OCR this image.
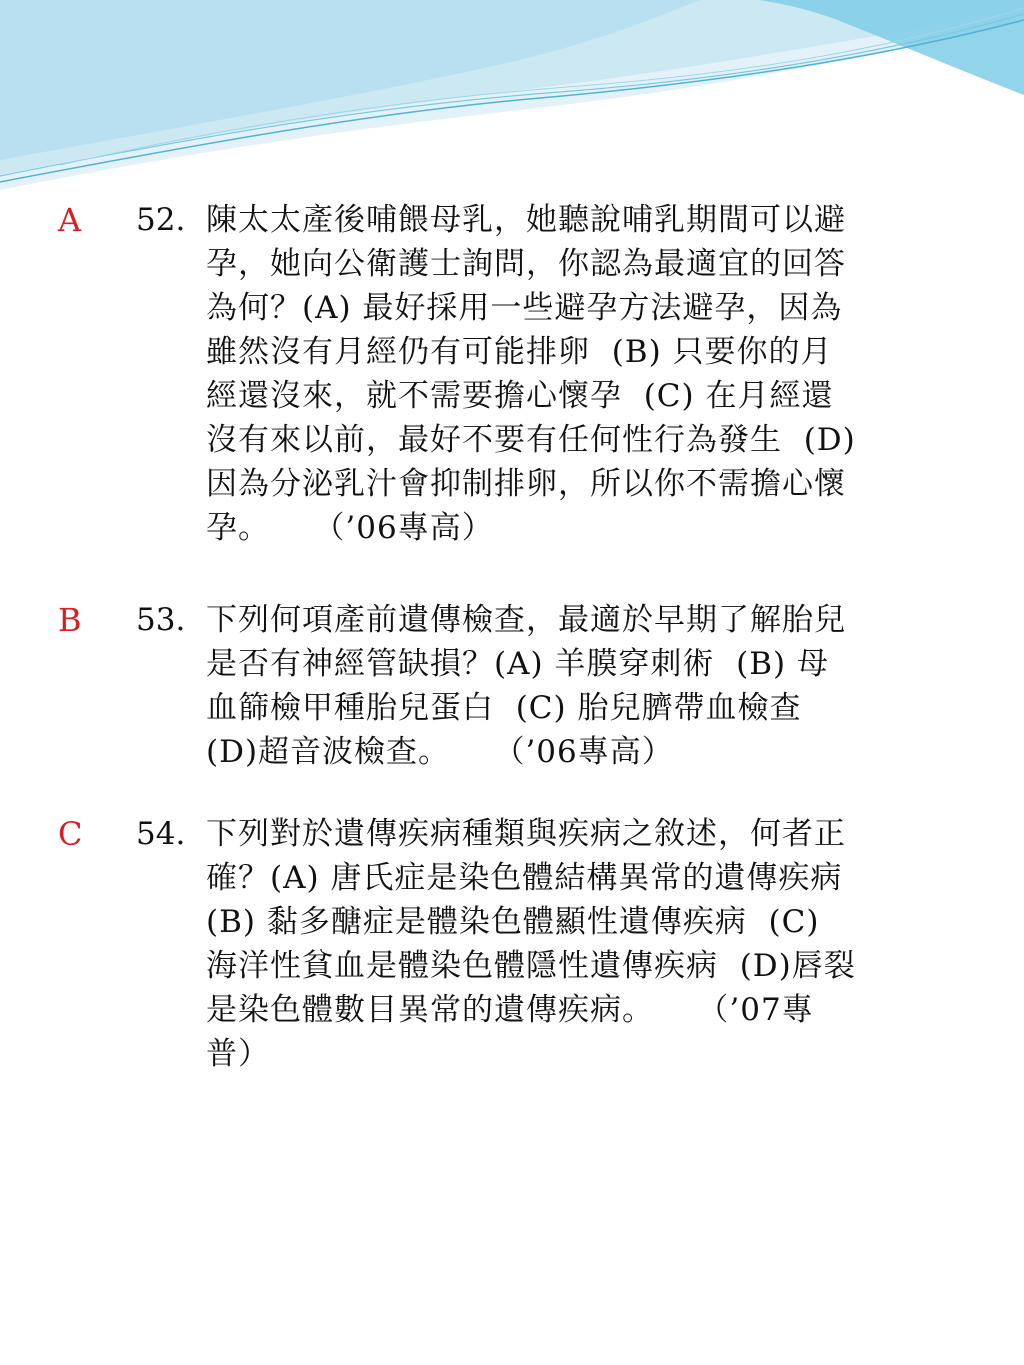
A 52. 陳太太產後哺餵母乳，她聽說哺乳期間可以避
孕，她向公衛護士詢問，你認為最適宜的回答
為何？(A) 最好採用一些避孕方法避孕，因為
雖然沒有月經仍有可能排卵  (B) 只要你的月
經還沒來，就不需要擔心懷孕  (C) 在月經還
沒有來以前，最好不要有任何性行為發生  (D)
因為分泌乳汁會抑制排卵，所以你不需擔心懷
孕。    （’06專高）
B 53. 下列何項產前遺傳檢查，最適於早期了解胎兒
是否有神經管缺損？(A) 羊膜穿刺術  (B) 母
血篩檢甲種胎兒蛋白  (C) 胎兒臍帶血檢查
(D)超音波檢查。    （’06專高）
C 54. 下列對於遺傳疾病種類與疾病之敘述，何者正
確？(A) 唐氏症是染色體結構異常的遺傳疾病
(B) 黏多醣症是體染色體顯性遺傳疾病  (C)
海洋性貧血是體染色體隱性遺傳疾病  (D)唇裂
是染色體數目異常的遺傳疾病。    （’07專
普）
